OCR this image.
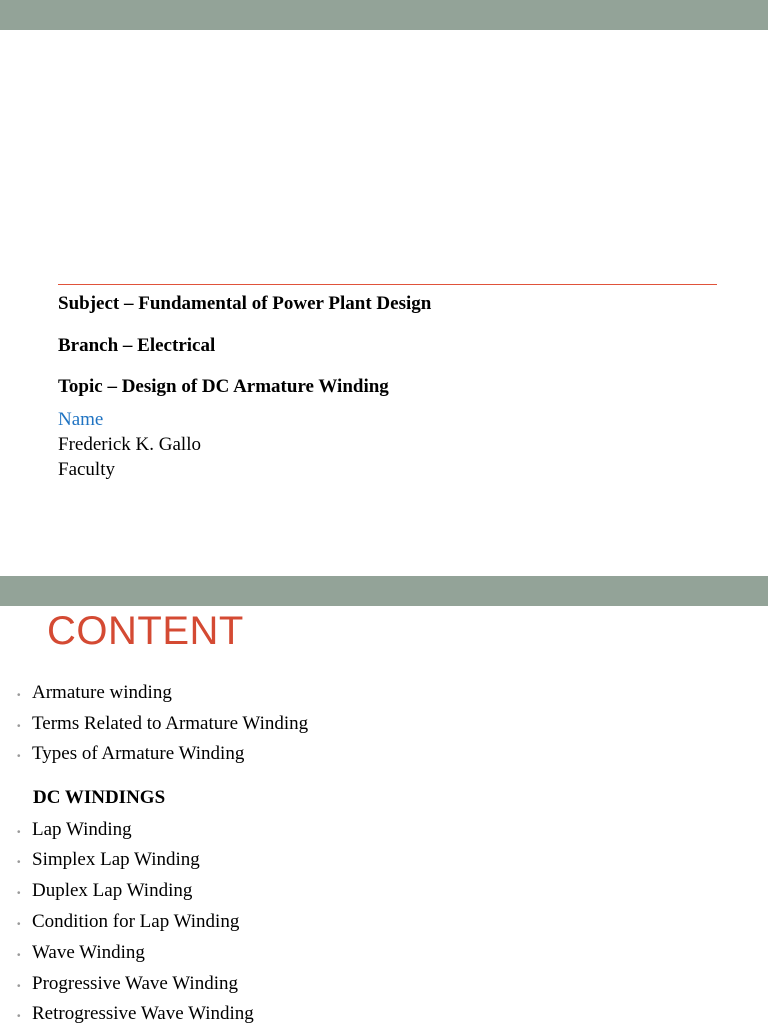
Subject – Fundamental of Power Plant Design
Branch – Electrical
Topic – Design of DC Armature Winding
Name
Frederick K. Gallo
Faculty
CONTENT
• Armature winding
• Terms Related to Armature Winding
• Types of Armature Winding
DC WINDINGS
• Lap Winding
• Simplex Lap Winding
• Duplex Lap Winding
• Condition for Lap Winding
• Wave Winding
• Progressive Wave Winding
• Retrogressive Wave Winding
